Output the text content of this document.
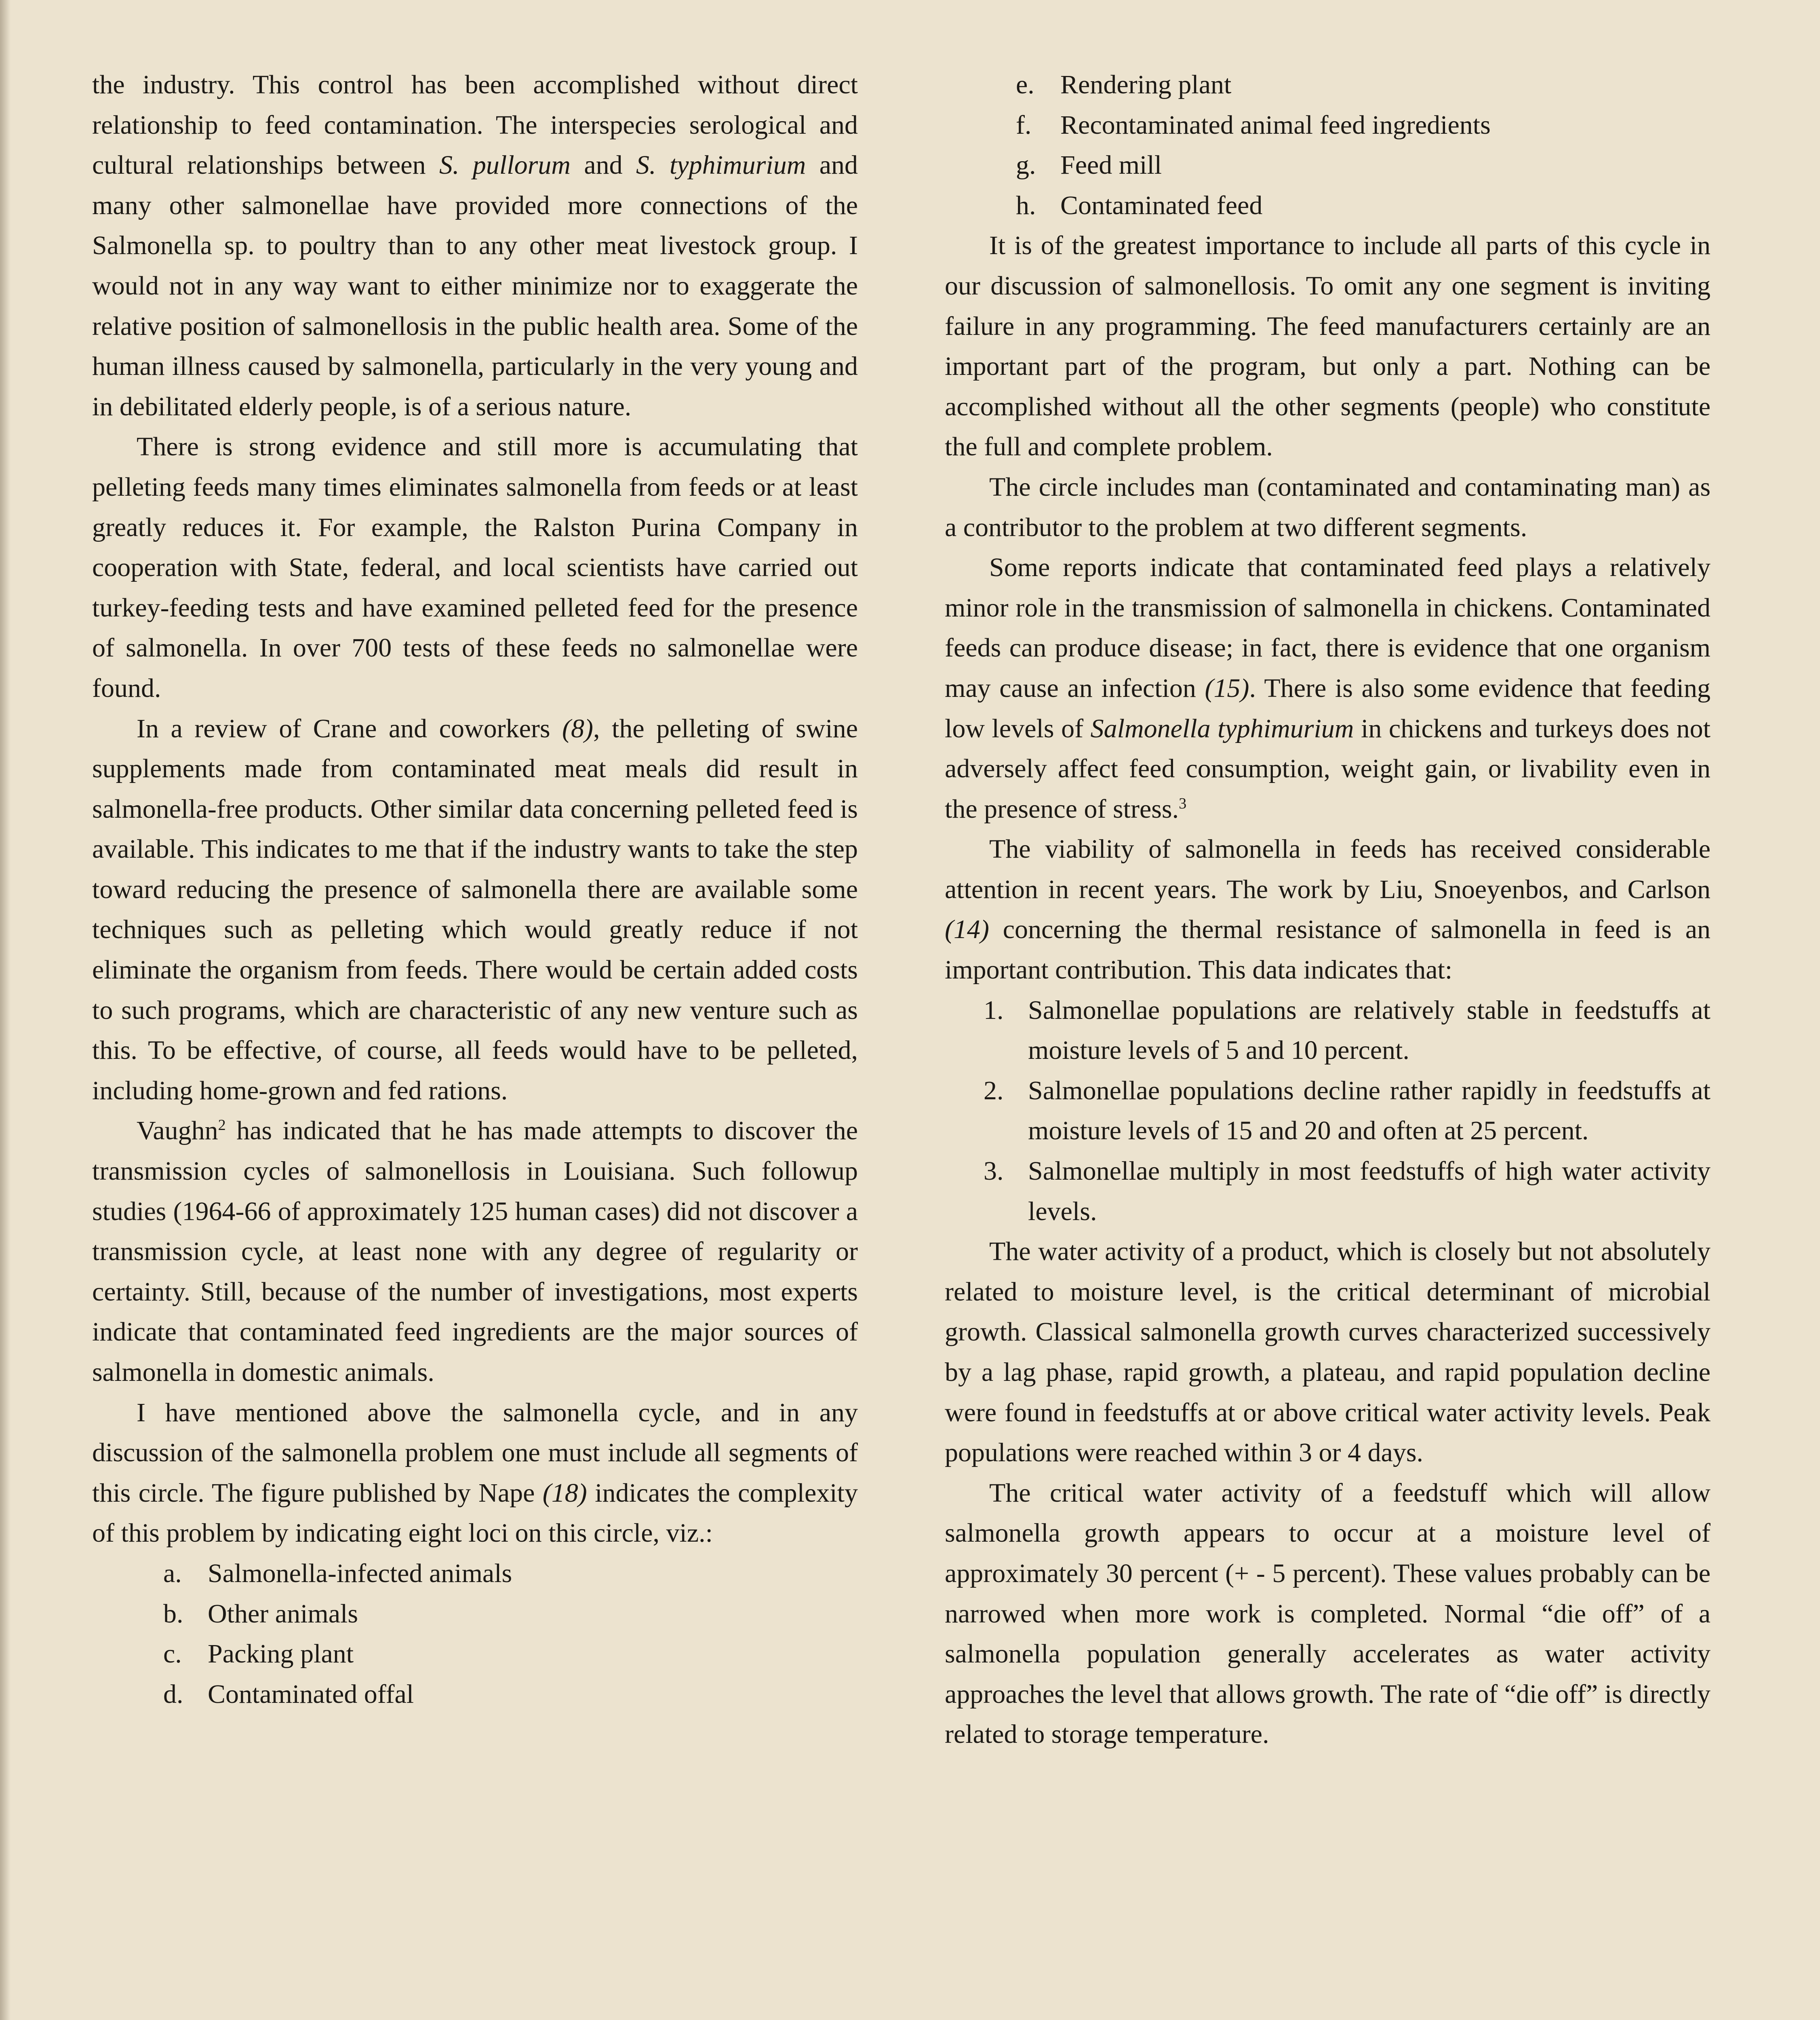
the industry. This control has been accomplished without direct relationship to feed contamination. The interspecies serological and cultural relationships between S. pullorum and S. typhimurium and many other salmonellae have provided more connections of the Salmonella sp. to poultry than to any other meat livestock group. I would not in any way want to either minimize nor to exaggerate the relative position of salmonellosis in the public health area. Some of the human illness caused by salmonella, particularly in the very young and in debilitated elderly people, is of a serious nature.

There is strong evidence and still more is accumulating that pelleting feeds many times eliminates salmonella from feeds or at least greatly reduces it. For example, the Ralston Purina Company in cooperation with State, federal, and local scientists have carried out turkey-feeding tests and have examined pelleted feed for the presence of salmonella. In over 700 tests of these feeds no salmonellae were found.

In a review of Crane and coworkers (8), the pelleting of swine supplements made from contaminated meat meals did result in salmonella-free products. Other similar data concerning pelleted feed is available. This indicates to me that if the industry wants to take the step toward reducing the presence of salmonella there are available some techniques such as pelleting which would greatly reduce if not eliminate the organism from feeds. There would be certain added costs to such programs, which are characteristic of any new venture such as this. To be effective, of course, all feeds would have to be pelleted, including home-grown and fed rations.

Vaughn$^2$ has indicated that he has made attempts to discover the transmission cycles of salmonellosis in Louisiana. Such followup studies (1964-66 of approximately 125 human cases) did not discover a transmission cycle, at least none with any degree of regularity or certainty. Still, because of the number of investigations, most experts indicate that contaminated feed ingredients are the major sources of salmonella in domestic animals.

I have mentioned above the salmonella cycle, and in any discussion of the salmonella problem one must include all segments of this circle. The figure published by Nape (18) indicates the complexity of this problem by indicating eight loci on this circle, viz.:

a. Salmonella-infected animals
b. Other animals
c. Packing plant
d. Contaminated offal
e. Rendering plant
f.	Recontaminated animal feed ingredients
g. Feed mill
h. Contaminated feed

It is of the greatest importance to include all parts of this cycle in our discussion of salmonellosis. To omit any one segment is inviting failure in any programming. The feed manufacturers certainly are an important part of the program, but only a part. Nothing can be accomplished without all the other segments (people) who constitute the full and complete problem.

The circle includes man (contaminated and contaminating man) as a contributor to the problem at two different segments.

Some reports indicate that contaminated feed plays a relatively minor role in the transmission of salmonella in chickens. Contaminated feeds can produce disease; in fact, there is evidence that one organism may cause an infection (15). There is also some evidence that feeding low levels of Salmonella typhimurium in chickens and turkeys does not adversely affect feed consumption, weight gain, or livability even in the presence of stress.$^3$

The viability of salmonella in feeds has received considerable attention in recent years. The work by Liu, Snoeyenbos, and Carlson (14) concerning the thermal resistance of salmonella in feed is an important contribution. This data indicates that:

1. Salmonellae populations are relatively stable in feedstuffs at moisture levels of 5 and 10 percent.
2. Salmonellae populations decline rather rapidly in feedstuffs at moisture levels of 15 and 20 and often at 25 percent.
3. Salmonellae multiply in most feedstuffs of high water activity levels.

The water activity of a product, which is closely but not absolutely related to moisture level, is the critical determinant of microbial growth. Classical salmonella growth curves characterized successively by a lag phase, rapid growth, a plateau, and rapid population decline were found in feedstuffs at or above critical water activity levels. Peak populations were reached within 3 or 4 days.

The critical water activity of a feedstuff which will allow salmonella growth appears to occur at a moisture level of approximately 30 percent (+ - 5 percent). These values probably can be narrowed when more work is completed. Normal “die off” of a salmonella population generally accelerates as water activity approaches the level that allows growth. The rate of “die off” is directly related to storage temperature.
